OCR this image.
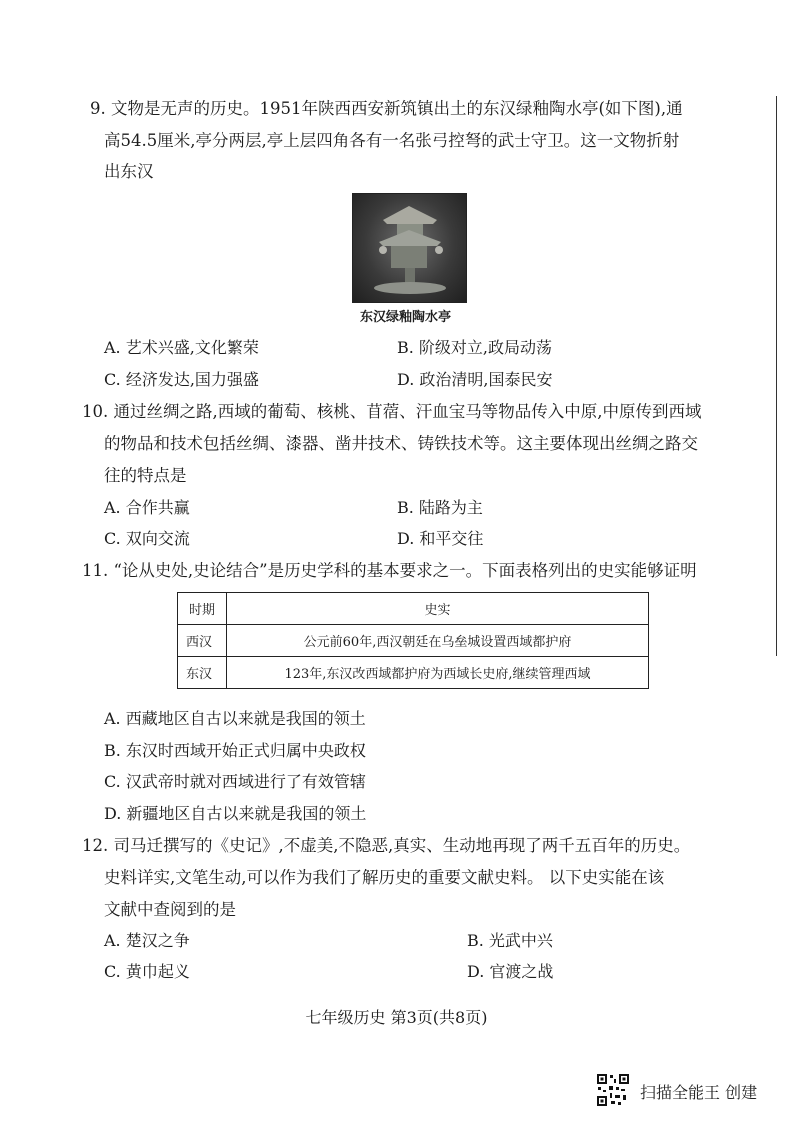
9. 文物是无声的历史。1951年陕西西安新筑镇出土的东汉绿釉陶水亭(如下图),通
高54.5厘米,亭分两层,亭上层四角各有一名张弓控弩的武士守卫。这一文物折射
出东汉
东汉绿釉陶水亭
A. 艺术兴盛,文化繁荣	B. 阶级对立,政局动荡
C. 经济发达,国力强盛	D. 政治清明,国泰民安
10. 通过丝绸之路,西域的葡萄、核桃、苜蓿、汗血宝马等物品传入中原,中原传到西域
的物品和技术包括丝绸、漆器、凿井技术、铸铁技术等。这主要体现出丝绸之路交
往的特点是
A. 合作共赢	B. 陆路为主
C. 双向交流	D. 和平交往
11. “论从史处,史论结合”是历史学科的基本要求之一。下面表格列出的史实能够证明
时期	史实
西汉	公元前60年,西汉朝廷在乌垒城设置西域都护府
东汉	123年,东汉改西域都护府为西域长史府,继续管理西域
A. 西藏地区自古以来就是我国的领土
B. 东汉时西域开始正式归属中央政权
C. 汉武帝时就对西域进行了有效管辖
D. 新疆地区自古以来就是我国的领土
12. 司马迁撰写的《史记》,不虚美,不隐恶,真实、生动地再现了两千五百年的历史。
史料详实,文笔生动,可以作为我们了解历史的重要文献史料。 以下史实能在该
文献中查阅到的是
A. 楚汉之争	B. 光武中兴
C. 黄巾起义	D. 官渡之战
七年级历史 第3页(共8页)
扫描全能王 创建
